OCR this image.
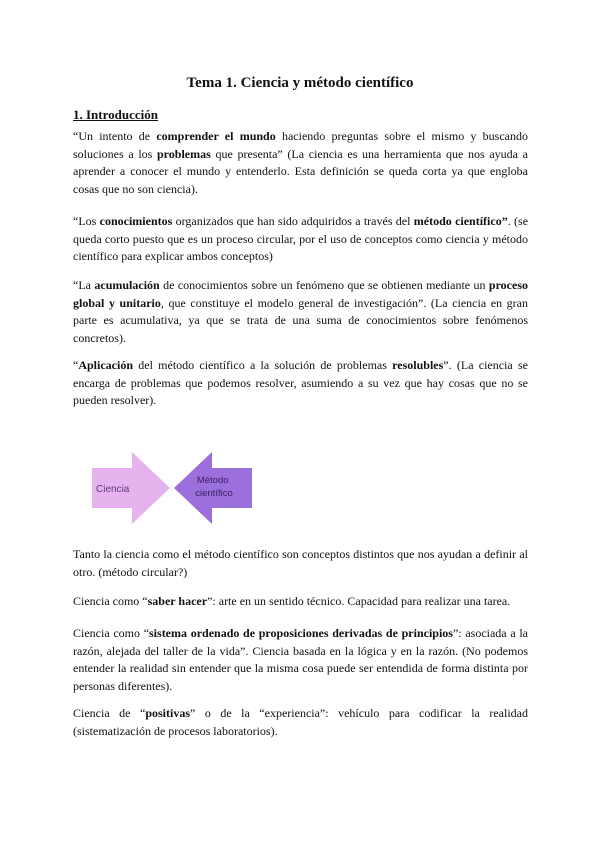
Tema 1. Ciencia y método científico
1. Introducción

“Un intento de comprender el mundo haciendo preguntas sobre el mismo y buscando soluciones a los problemas que presenta” (La ciencia es una herramienta que nos ayuda a aprender a conocer el mundo y entenderlo. Esta definición se queda corta ya que engloba cosas que no son ciencia).

“Los conocimientos organizados que han sido adquiridos a través del método científico”. (se queda corto puesto que es un proceso circular, por el uso de conceptos como ciencia y método científico para explicar ambos conceptos)

“La acumulación de conocimientos sobre un fenómeno que se obtienen mediante un proceso global y unitario, que constituye el modelo general de investigación”. (La ciencia en gran parte es acumulativa, ya que se trata de una suma de conocimientos sobre fenómenos concretos).

“Aplicación del método científico a la solución de problemas resolubles”. (La ciencia se encarga de problemas que podemos resolver, asumiendo a su vez que hay cosas que no se pueden resolver).

Ciencia
Método científico

Tanto la ciencia como el método científico son conceptos distintos que nos ayudan a definir al otro. (método circular?)

Ciencia como “saber hacer”: arte en un sentido técnico. Capacidad para realizar una tarea.

Ciencia como “sistema ordenado de proposiciones derivadas de principios”: asociada a la razón, alejada del taller de la vida”. Ciencia basada en la lógica y en la razón. (No podemos entender la realidad sin entender que la misma cosa puede ser entendida de forma distinta por personas diferentes).

Ciencia de “positivas” o de la “experiencia”: vehículo para codificar la realidad (sistematización de procesos laboratorios).
